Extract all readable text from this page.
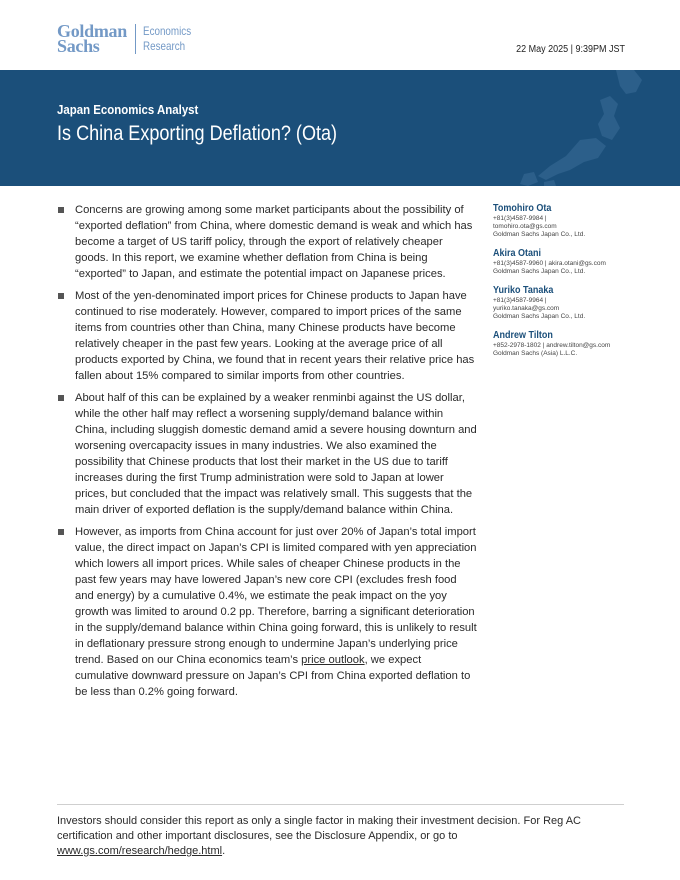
Goldman
Sachs
Economics
Research	22 May 2025 | 9:39PM JST
Japan Economics Analyst
Is China Exporting Deflation? (Ota)
Concerns are growing among some market participants about the possibility of “exported deflation” from China, where domestic demand is weak and which has become a target of US tariff policy, through the export of relatively cheaper goods. In this report, we examine whether deflation from China is being “exported” to Japan, and estimate the potential impact on Japanese prices.
Most of the yen-denominated import prices for Chinese products to Japan have continued to rise moderately. However, compared to import prices of the same items from countries other than China, many Chinese products have become relatively cheaper in the past few years. Looking at the average price of all products exported by China, we found that in recent years their relative price has fallen about 15% compared to similar imports from other countries.
About half of this can be explained by a weaker renminbi against the US dollar, while the other half may reflect a worsening supply/demand balance within China, including sluggish domestic demand amid a severe housing downturn and worsening overcapacity issues in many industries. We also examined the possibility that Chinese products that lost their market in the US due to tariff increases during the first Trump administration were sold to Japan at lower prices, but concluded that the impact was relatively small. This suggests that the main driver of exported deflation is the supply/demand balance within China.
However, as imports from China account for just over 20% of Japan’s total import value, the direct impact on Japan’s CPI is limited compared with yen appreciation which lowers all import prices. While sales of cheaper Chinese products in the past few years may have lowered Japan’s new core CPI (excludes fresh food and energy) by a cumulative 0.4%, we estimate the peak impact on the yoy growth was limited to around 0.2 pp. Therefore, barring a significant deterioration in the supply/demand balance within China going forward, this is unlikely to result in deflationary pressure strong enough to undermine Japan’s underlying price trend. Based on our China economics team’s price outlook, we expect cumulative downward pressure on Japan’s CPI from China exported deflation to be less than 0.2% going forward.
Tomohiro Ota
+81(3)4587-9984 |
tomohiro.ota@gs.com
Goldman Sachs Japan Co., Ltd.
Akira Otani
+81(3)4587-9960 | akira.otani@gs.com
Goldman Sachs Japan Co., Ltd.
Yuriko Tanaka
+81(3)4587-9964 |
yuriko.tanaka@gs.com
Goldman Sachs Japan Co., Ltd.
Andrew Tilton
+852-2978-1802 | andrew.tilton@gs.com
Goldman Sachs (Asia) L.L.C.
Investors should consider this report as only a single factor in making their investment decision. For Reg AC certification and other important disclosures, see the Disclosure Appendix, or go to www.gs.com/research/hedge.html.
